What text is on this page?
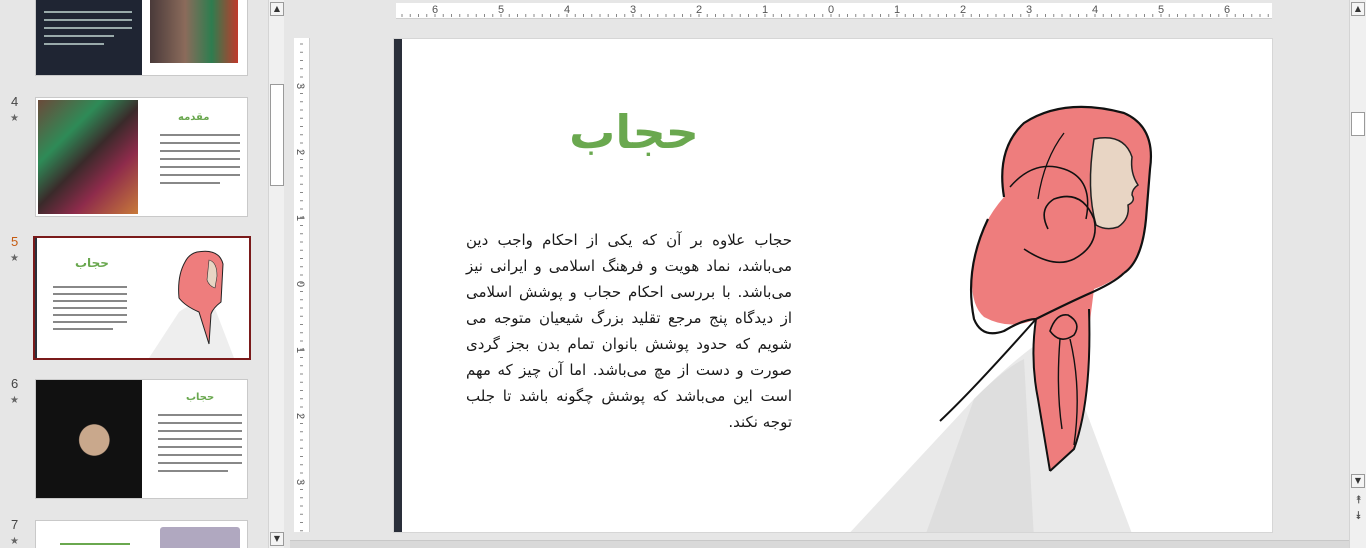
4
★	مقدمه
5
★	حجاب
6
★	حجاب
7
★
▲
▼
6	5	4	3	2	1	0	1	2	3	4	5	6
3
2
1
0
1
2
3
حجاب
حجاب علاوه بر آن که یکی از احکام واجب دین می‌باشد، نماد هویت و فرهنگ اسلامی و ایرانی نیز می‌باشد. با بررسی احکام حجاب و پوشش اسلامی از دیدگاه پنج مرجع تقلید بزرگ شیعیان متوجه می شویم که حدود پوشش بانوان تمام بدن بجز گردی صورت و دست از مچ می‌باشد. اما آن چیز که مهم است این می‌باشد که پوشش چگونه باشد تا جلب توجه نکند.
▲
▼
⯭
⯯
